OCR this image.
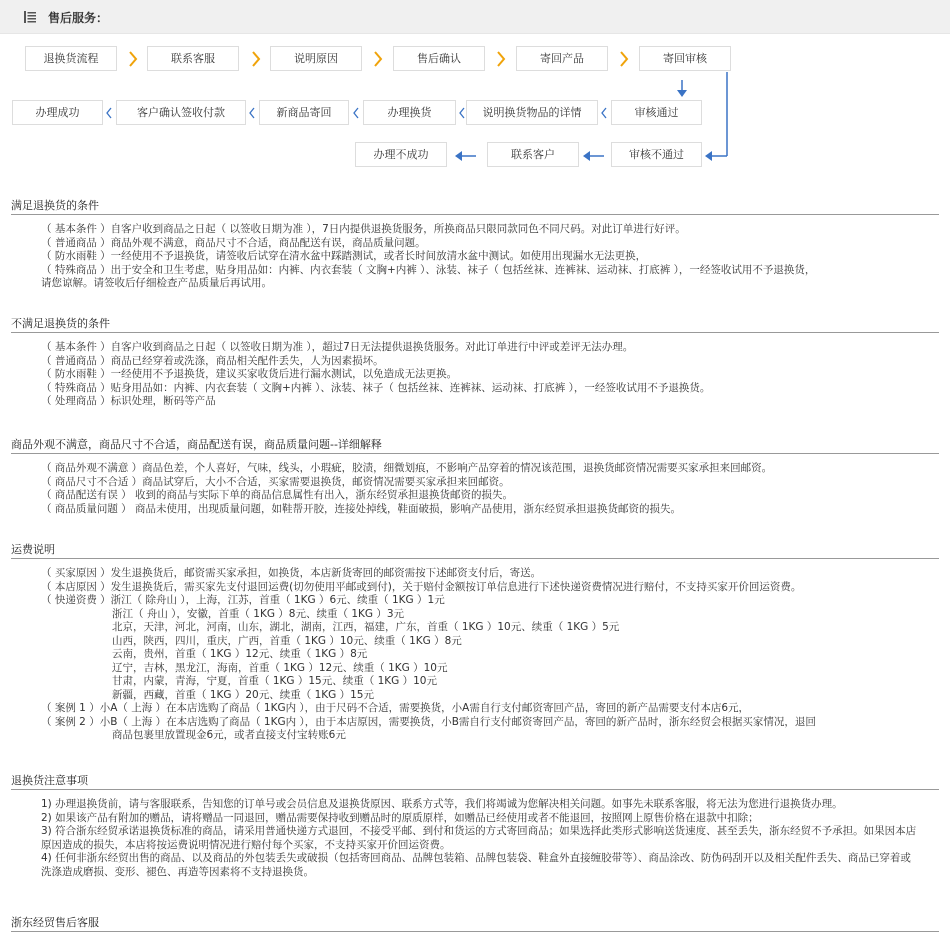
售后服务：
退换货流程	联系客服	说明原因	售后确认	寄回产品	寄回审核
办理成功	客户确认签收付款	新商品寄回	办理换货	说明换货物品的详情	审核通过
办理不成功	联系客户	审核不通过
满足退换货的条件
（ 基本条件 ）自客户收到商品之日起（ 以签收日期为准 ），7日内提供退换货服务，所换商品只限同款同色不同尺码。对此订单进行好评。
（ 普通商品 ）商品外观不满意，商品尺寸不合适，商品配送有误，商品质量问题。
（ 防水雨鞋 ）一经使用不予退换货，请签收后试穿在清水盆中踩踏测试，或者长时间放清水盆中测试。如使用出现漏水无法更换，
（ 特殊商品 ）出于安全和卫生考虑，贴身用品如：内裤、内衣套装（ 文胸+内裤 ）、泳装、袜子（ 包括丝袜、连裤袜、运动袜、打底裤 ），一经签收试用不予退换货，
请您谅解。请签收后仔细检查产品质量后再试用。
不满足退换货的条件
（ 基本条件 ）自客户收到商品之日起（ 以签收日期为准 ），超过7日无法提供退换货服务。对此订单进行中评或差评无法办理。
（ 普通商品 ）商品已经穿着或洗涤，商品相关配件丢失，人为因素损坏。
（ 防水雨鞋 ）一经使用不予退换货，建议买家收货后进行漏水测试，以免造成无法更换。
（ 特殊商品 ）贴身用品如：内裤、内衣套装（ 文胸+内裤 ）、泳装、袜子（ 包括丝袜、连裤袜、运动袜、打底裤 ），一经签收试用不予退换货。
（ 处理商品 ）标识处理，断码等产品
商品外观不满意，商品尺寸不合适，商品配送有误，商品质量问题--详细解释
（ 商品外观不满意 ）商品色差，个人喜好，气味，线头，小瑕疵，胶渍，细微划痕，不影响产品穿着的情况该范围，退换货邮资情况需要买家承担来回邮资。
（ 商品尺寸不合适 ）商品试穿后，大小不合适，买家需要退换货，邮资情况需要买家承担来回邮资。
（ 商品配送有误 ） 收到的商品与实际下单的商品信息属性有出入，浙东经贸承担退换货邮资的损失。
（ 商品质量问题 ） 商品未使用，出现质量问题，如鞋帮开胶，连接处掉线，鞋面破损，影响产品使用，浙东经贸承担退换货邮资的损失。
运费说明
（ 买家原因 ）发生退换货后，邮资需买家承担，如换货，本店新货寄回的邮资需按下述邮资支付后，寄送。
（ 本店原因 ）发生退换货后，需买家先支付退回运费(切勿使用平邮或到付)，关于赔付金额按订单信息进行下述快递资费情况进行赔付，不支持买家开价回运资费。
（ 快递资费 ）浙江（ 除舟山 ），上海，江苏，首重（ 1KG ）6元、续重（ 1KG ）1元
浙江（ 舟山 ），安徽，首重（ 1KG ）8元、续重（ 1KG ）3元
北京，天津，河北，河南，山东，湖北，湖南，江西，福建，广东，首重（ 1KG ）10元、续重（ 1KG ）5元
山西，陕西，四川，重庆，广西，首重（ 1KG ）10元、续重（ 1KG ）8元
云南，贵州，首重（ 1KG ）12元、续重（ 1KG ）8元
辽宁，吉林，黑龙江，海南，首重（ 1KG ）12元、续重（ 1KG ）10元
甘肃，内蒙，青海，宁夏，首重（ 1KG ）15元、续重（ 1KG ）10元
新疆，西藏，首重（ 1KG ）20元、续重（ 1KG ）15元
（ 案例 1 ）小A（ 上海 ）在本店选购了商品（ 1KG内 ），由于尺码不合适，需要换货，小A需自行支付邮资寄回产品，寄回的新产品需要支付本店6元，
（ 案例 2 ）小B（ 上海 ）在本店选购了商品（ 1KG内 ），由于本店原因，需要换货，小B需自行支付邮资寄回产品，寄回的新产品时，浙东经贸会根据买家情况，退回
商品包裹里放置现金6元，或者直接支付宝转账6元
退换货注意事项
1) 办理退换货前，请与客服联系，告知您的订单号或会员信息及退换货原因、联系方式等，我们将竭诚为您解决相关问题。如事先未联系客服，将无法为您进行退换货办理。
2) 如果该产品有附加的赠品，请将赠品一同退回，赠品需要保持收到赠品时的原质原样，如赠品已经使用或者不能退回，按照网上原售价格在退款中扣除；
3) 符合浙东经贸承诺退换货标准的商品，请采用普通快递方式退回，不接受平邮、到付和货运的方式寄回商品；如果选择此类形式影响送货速度、甚至丢失，浙东经贸不予承担。如果因本店原因造成的损失，本店将按运费说明情况进行赔付每个买家，不支持买家开价回运资费。
4) 任何非浙东经贸出售的商品、以及商品的外包装丢失或破损（包括寄回商品、品牌包装箱、品牌包装袋、鞋盒外直接缠胶带等）、商品涂改、防伪码刮开以及相关配件丢失、商品已穿着或洗涤造成磨损、变形、褪色、再造等因素将不支持退换货。
浙东经贸售后客服
